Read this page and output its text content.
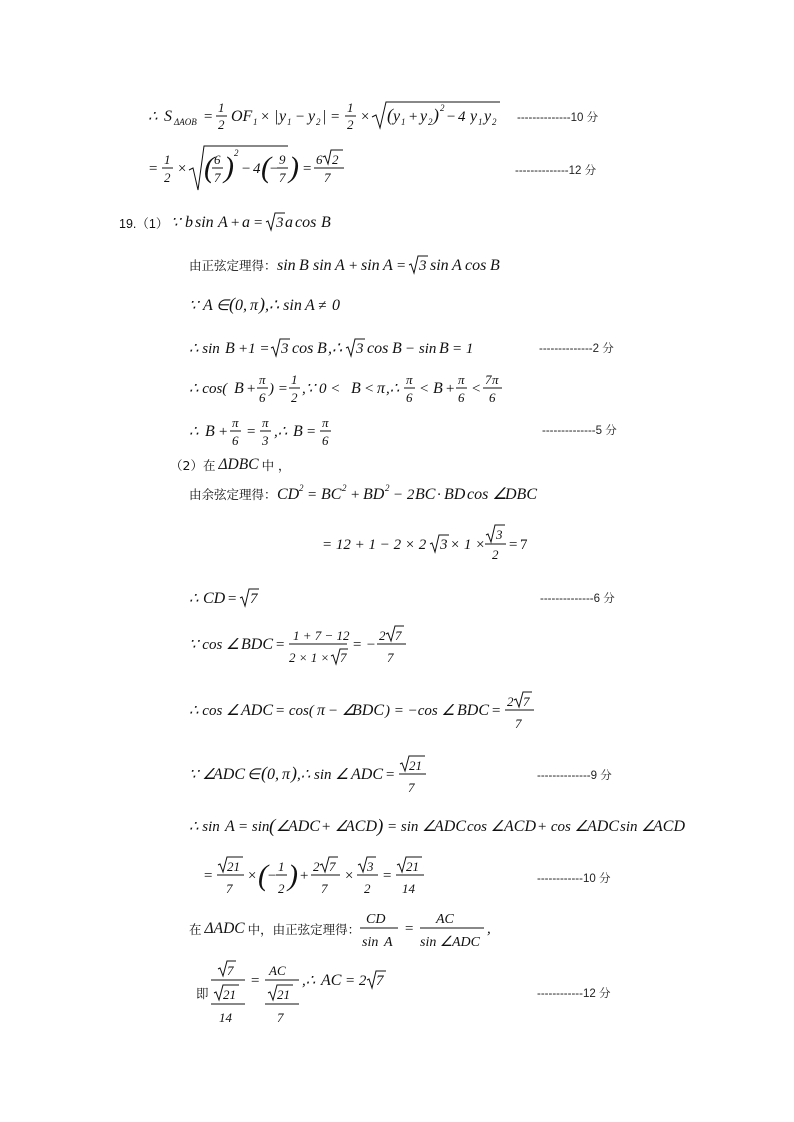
∴ S ΔAOB =
1
2 OF 1 × | y 1 − y 2 | =
1
2 × ( y 1 + y 2 ) 2
− 4 y 1 y 2 --------------10 分
=
1
2
× ( 6
7 ) 2
− 4 (
−
9
7 ) =
6 2
7	--------------12 分
19.（1） ∵ b sin A + a = 3 a cos B
由正弦定理得： sin B sin A + sin A = 3 sin A cos B
∵ A ∈ ( 0, π ) ,∴ sin A ≠ 0
∴ sin B +1 = 3 cos B ,∴ 3 cos B − sin B = 1	--------------2 分
∴ cos( B +
π
6
) =
1
2
,∵ 0 < B < π ,∴
π
6
< B +
π
6
<
7 π
6
∴ B +
π
6
=
π
3
,∴ B =
π
6
--------------5 分
（2）在 ΔDBC 中 ，
由余弦定理得： CD 2 = BC 2 + BD 2 − 2 BC · BD cos ∠
DBC
= 12 + 1 − 2 × 2 3 × 1 ×
3
2
= 7
∴ CD = 7	--------------6 分
∵ cos ∠ BDC =
1 + 7 − 12
2 × 1 × 7
= −
2 7
7
∴ cos ∠ ADC = cos( π − ∠
BDC ) = −cos ∠ BDC =
2 7
7
∵ ∠
ADC ∈ ( 0, π ) ,∴ sin ∠ ADC =
21
7
--------------9 分
∴ sin A = sin ( ∠
ADC + ∠
ACD ) = sin ∠
ADC cos ∠ ACD + cos ∠
ADC sin ∠
ACD
=
21
7
× ( −
1
2 ) +
2 7
7
×
3
2
=
21
14
------------10 分
在 ΔADC 中，由正弦定理得：
CD
sin A
=
AC
sin ∠ ADC
,
即
7
21
14
=
AC
21
7
,∴ AC = 2 7
------------12 分
